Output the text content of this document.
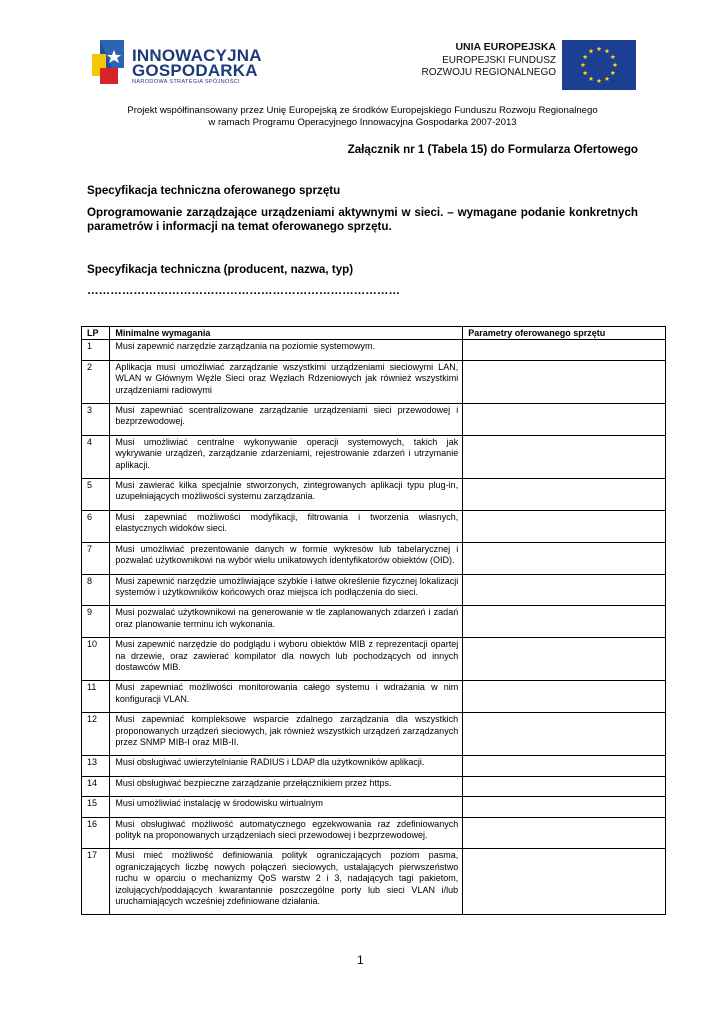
INNOWACYJNA
GOSPODARKA
NARODOWA STRATEGIA SPÓJNOŚCI
UNIA EUROPEJSKA
EUROPEJSKI FUNDUSZ
ROZWOJU REGIONALNEGO
Projekt współfinansowany przez Unię Europejską ze środków Europejskiego Funduszu Rozwoju Regionalnego
w ramach Programu Operacyjnego Innowacyjna Gospodarka 2007-2013
Załącznik nr 1 (Tabela 15) do Formularza Ofertowego
Specyfikacja techniczna oferowanego sprzętu
Oprogramowanie zarządzające urządzeniami aktywnymi w sieci. – wymagane podanie konkretnych parametrów i informacji na temat oferowanego sprzętu.
Specyfikacja techniczna (producent, nazwa, typ)
………………………………………………………………………
LP	Minimalne wymagania	Parametry oferowanego sprzętu
1	Musi zapewnić narzędzie zarządzania na poziomie systemowym.	
2	Aplikacja musi umożliwiać zarządzanie wszystkimi urządzeniami sieciowymi LAN, WLAN w Głównym Węźle Sieci oraz Węzłach Rdzeniowych jak również wszystkimi urządzeniami radiowymi	
3	Musi zapewniać scentralizowane zarządzanie urządzeniami sieci przewodowej i bezprzewodowej.	
4	Musi umożliwiać centralne wykonywanie operacji systemowych, takich jak wykrywanie urządzeń, zarządzanie zdarzeniami, rejestrowanie zdarzeń i utrzymanie aplikacji.	
5	Musi zawierać kilka specjalnie stworzonych, zintegrowanych aplikacji typu plug-in, uzupełniających możliwości systemu zarządzania.	
6	Musi zapewniać możliwości modyfikacji, filtrowania i tworzenia własnych, elastycznych widoków sieci.	
7	Musi umożliwiać prezentowanie danych w formie wykresów lub tabelarycznej i pozwalać użytkownikowi na wybór wielu unikatowych identyfikatorów obiektów (OID).	
8	Musi zapewnić narzędzie umożliwiające szybkie i łatwe określenie fizycznej lokalizacji systemów i użytkowników końcowych oraz miejsca ich podłączenia do sieci.	
9	Musi pozwalać użytkownikowi na generowanie w tle zaplanowanych zdarzeń i zadań oraz planowanie terminu ich wykonania.	
10	Musi zapewnić narzędzie do podglądu i wyboru obiektów MIB z reprezentacji opartej na drzewie, oraz zawierać kompilator dla nowych lub pochodzących od innych dostawców MIB.	
11	Musi zapewniać możliwości monitorowania całego systemu i wdrażania w nim konfiguracji VLAN.	
12	Musi zapewniać kompleksowe wsparcie zdalnego zarządzania dla wszystkich proponowanych urządzeń sieciowych, jak również wszystkich urządzeń zarządzanych przez SNMP MIB-I oraz MIB-II.	
13	Musi obsługiwać uwierzytelnianie RADIUS i LDAP dla użytkowników aplikacji.	
14	Musi obsługiwać bezpieczne zarządzanie przełącznikiem przez https.	
15	Musi umożliwiać instalację w środowisku wirtualnym	
16	Musi obsługiwać możliwość automatycznego egzekwowania raz zdefiniowanych polityk na proponowanych urządzeniach sieci przewodowej i bezprzewodowej.	
17	Musi mieć możliwość definiowania polityk ograniczających poziom pasma, ograniczających liczbę nowych połączeń sieciowych, ustalających pierwszeństwo ruchu w oparciu o mechanizmy QoS warstw 2 i 3, nadających tagi pakietom, izolujących/poddających kwarantannie poszczególne porty lub sieci VLAN i/lub uruchamiających wcześniej zdefiniowane działania.	
1
